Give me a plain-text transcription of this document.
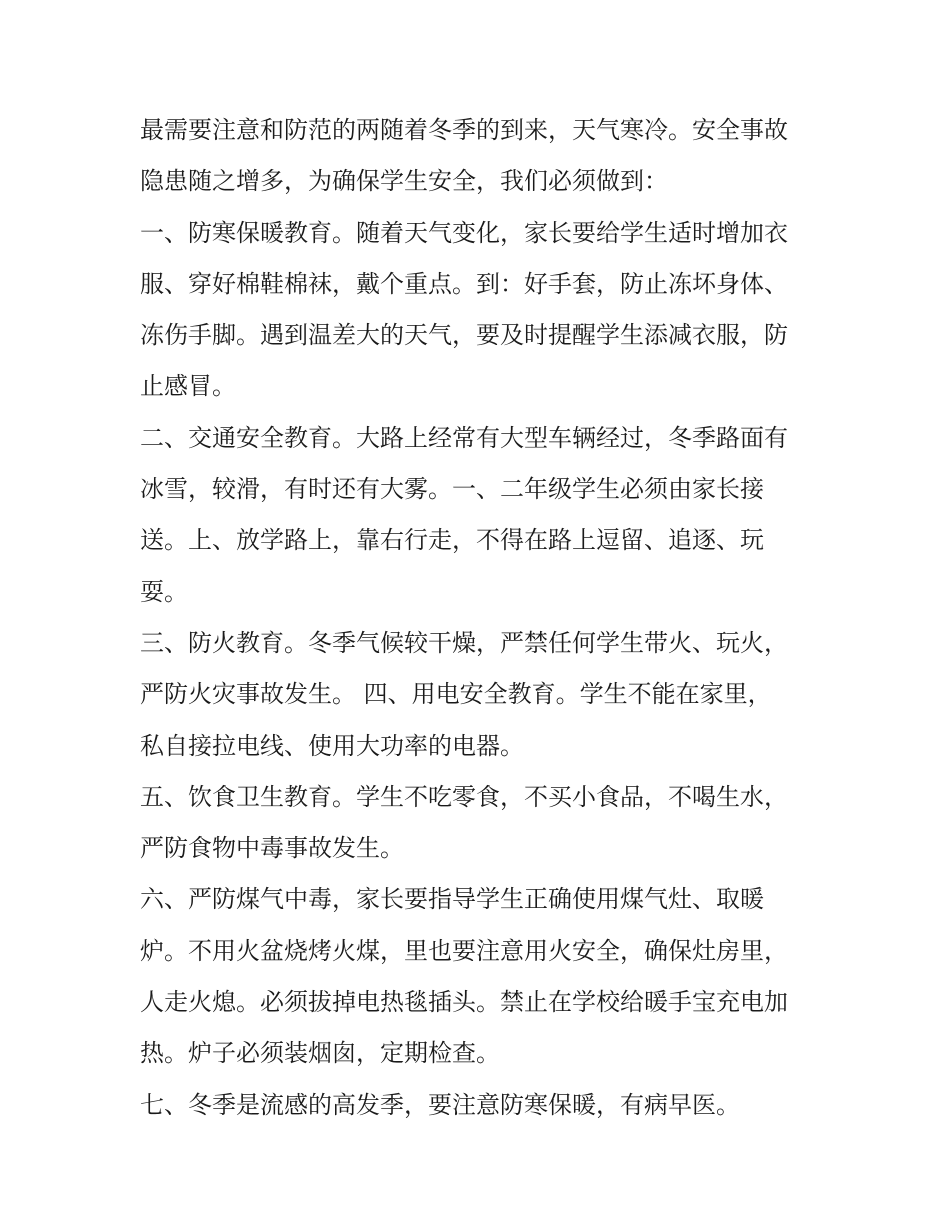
最需要注意和防范的两随着冬季的到来，天气寒冷。安全事故
隐患随之增多，为确保学生安全，我们必须做到：
一、防寒保暖教育。随着天气变化，家长要给学生适时增加衣
服、穿好棉鞋棉袜，戴个重点。到：好手套，防止冻坏身体、
冻伤手脚。遇到温差大的天气，要及时提醒学生添减衣服，防
止感冒。
二、交通安全教育。大路上经常有大型车辆经过，冬季路面有
冰雪，较滑，有时还有大雾。一、二年级学生必须由家长接
送。上、放学路上，靠右行走，不得在路上逗留、追逐、玩
耍。
三、防火教育。冬季气候较干燥，严禁任何学生带火、玩火，
严防火灾事故发生。 四、用电安全教育。学生不能在家里，
私自接拉电线、使用大功率的电器。
五、饮食卫生教育。学生不吃零食，不买小食品，不喝生水，
严防食物中毒事故发生。
六、严防煤气中毒，家长要指导学生正确使用煤气灶、取暖
炉。不用火盆烧烤火煤，里也要注意用火安全，确保灶房里，
人走火熄。必须拔掉电热毯插头。禁止在学校给暖手宝充电加
热。炉子必须装烟囱，定期检查。
七、冬季是流感的高发季，要注意防寒保暖，有病早医。
